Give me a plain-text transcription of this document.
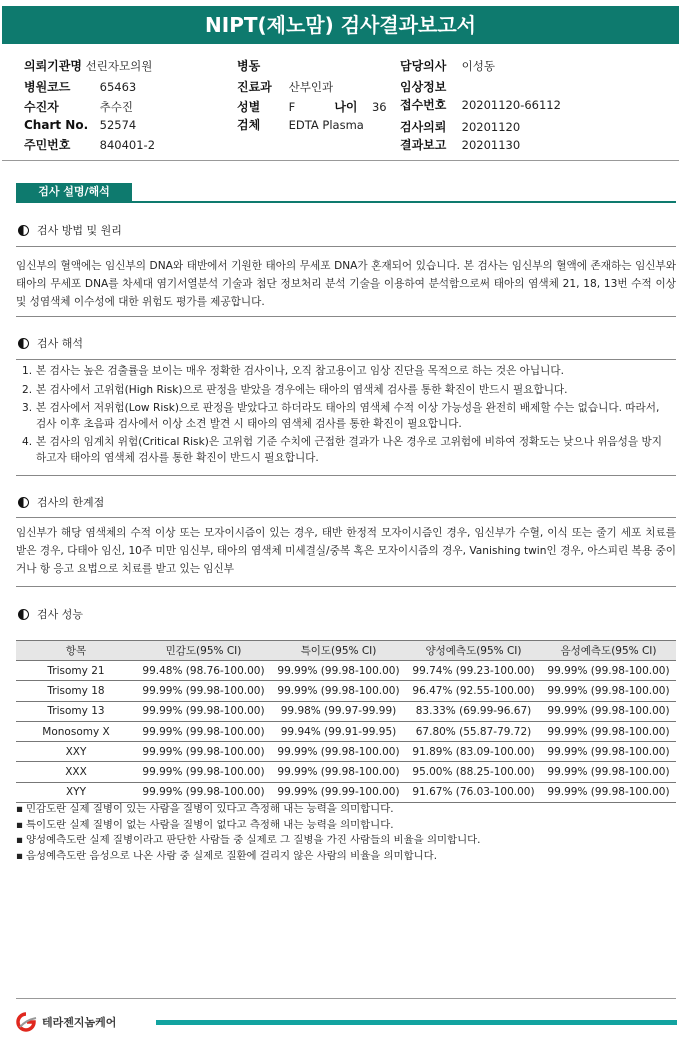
NIPT(제노맘) 검사결과보고서
의뢰기관명 선린자모의원
병원코드	65463
수진자	추수진
Chart No. 52574
주민번호	840401-2
병동
진료과 산부인과
성별 F	나이 36
검체 EDTA Plasma
담당의사 이성동
임상정보
접수번호 20201120-66112
검사의뢰 20201120
결과보고 20201130
검사 설명/해석
검사 방법 및 원리
임신부의 혈액에는 임신부의 DNA와 태반에서 기원한 태아의 무세포 DNA가 혼재되어 있습니다. 본 검사는 임신부의 혈액에 존재하는 임신부와 태아의 무세포 DNA를 차세대 염기서열분석 기술과 첨단 정보처리 분석 기술을 이용하여 분석함으로써 태아의 염색체 21, 18, 13번 수적 이상 및 성염색체 이수성에 대한 위험도 평가를 제공합니다.
검사 해석
1. 본 검사는 높은 검출률을 보이는 매우 정확한 검사이나, 오직 참고용이고 임상 진단을 목적으로 하는 것은 아닙니다.
2. 본 검사에서 고위험(High Risk)으로 판정을 받았을 경우에는 태아의 염색체 검사를 통한 확진이 반드시 필요합니다.
3. 본 검사에서 저위험(Low Risk)으로 판정을 받았다고 하더라도 태아의 염색체 수적 이상 가능성을 완전히 배제할 수는 없습니다. 따라서, 검사 이후 초음파 검사에서 이상 소견 발견 시 태아의 염색체 검사를 통한 확진이 필요합니다.
4. 본 검사의 임계치 위험(Critical Risk)은 고위험 기준 수치에 근접한 결과가 나온 경우로 고위험에 비하여 정확도는 낮으나 위음성을 방지하고자 태아의 염색체 검사를 통한 확진이 반드시 필요합니다.
검사의 한계점
임신부가 해당 염색체의 수적 이상 또는 모자이시즘이 있는 경우, 태반 한정적 모자이시즘인 경우, 임신부가 수혈, 이식 또는 줄기 세포 치료를 받은 경우, 다태아 임신, 10주 미만 임신부, 태아의 염색체 미세결실/중복 혹은 모자이시즘의 경우, Vanishing twin인 경우, 아스피린 복용 중이거나 항 응고 요법으로 치료를 받고 있는 임신부
검사 성능
항목	민감도(95% CI)	특이도(95% CI)	양성예측도(95% CI)	음성예측도(95% CI)
Trisomy 21	99.48% (98.76-100.00)	99.99% (99.98-100.00)	99.74% (99.23-100.00)	99.99% (99.98-100.00)
Trisomy 18	99.99% (99.98-100.00)	99.99% (99.98-100.00)	96.47% (92.55-100.00)	99.99% (99.98-100.00)
Trisomy 13	99.99% (99.98-100.00)	99.98% (99.97-99.99)	83.33% (69.99-96.67)	99.99% (99.98-100.00)
Monosomy X	99.99% (99.98-100.00)	99.94% (99.91-99.95)	67.80% (55.87-79.72)	99.99% (99.98-100.00)
XXY	99.99% (99.98-100.00)	99.99% (99.98-100.00)	91.89% (83.09-100.00)	99.99% (99.98-100.00)
XXX	99.99% (99.98-100.00)	99.99% (99.98-100.00)	95.00% (88.25-100.00)	99.99% (99.98-100.00)
XYY	99.99% (99.98-100.00)	99.99% (99.99-100.00)	91.67% (76.03-100.00)	99.99% (99.98-100.00)
▪ 민감도란 실제 질병이 있는 사람을 질병이 있다고 측정해 내는 능력을 의미합니다.
▪ 특이도란 실제 질병이 없는 사람을 질병이 없다고 측정해 내는 능력을 의미합니다.
▪ 양성예측도란 실제 질병이라고 판단한 사람들 중 실제로 그 질병을 가진 사람들의 비율을 의미합니다.
▪ 음성예측도란 음성으로 나온 사람 중 실제로 질환에 걸리지 않은 사람의 비율을 의미합니다.
테라젠지놈케어
